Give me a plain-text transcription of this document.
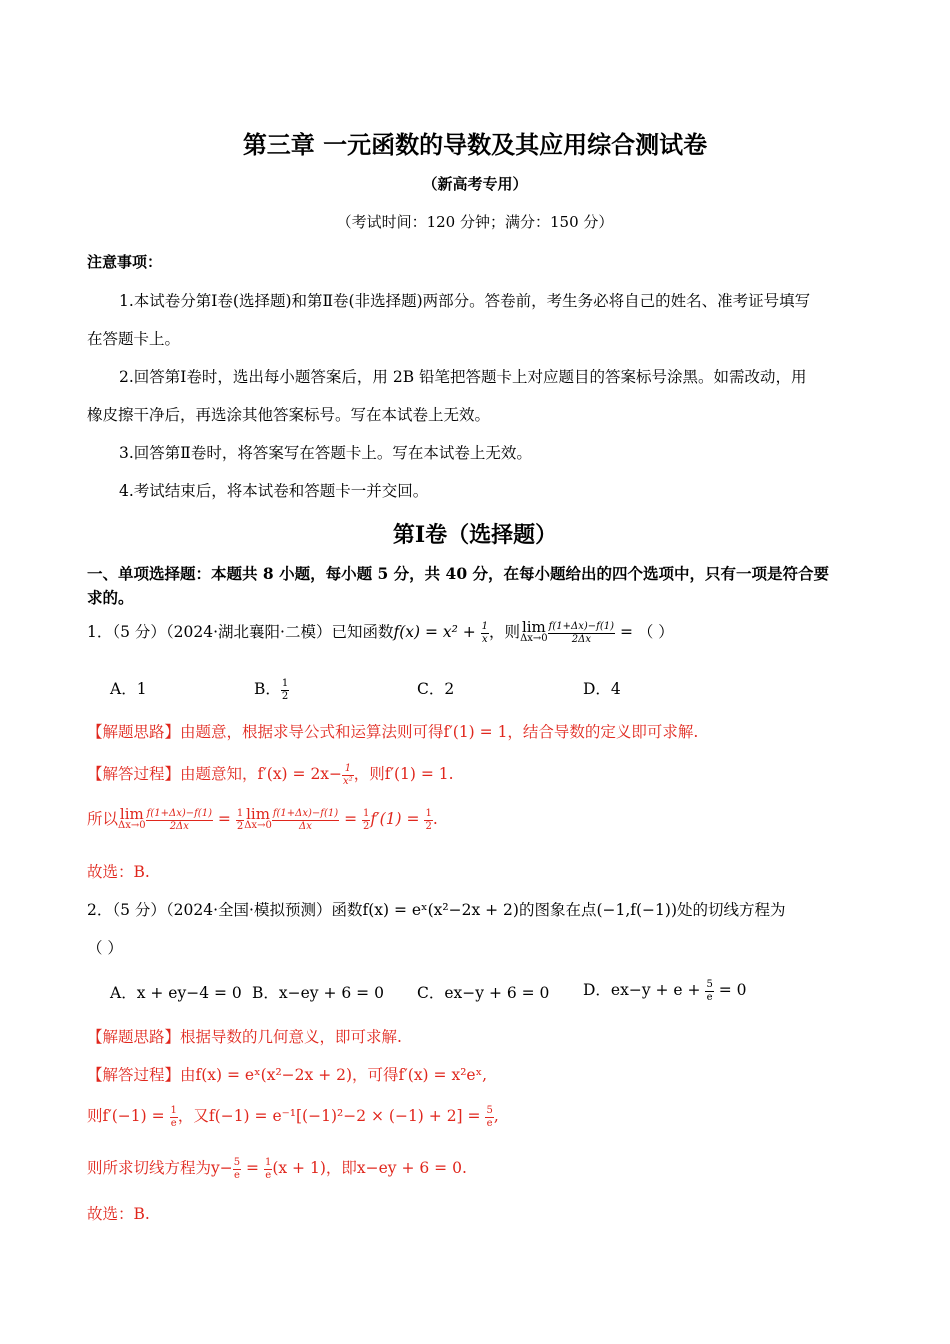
第三章 一元函数的导数及其应用综合测试卷
（新高考专用）
（考试时间：120 分钟；满分：150 分）
注意事项：
1.本试卷分第Ⅰ卷(选择题)和第Ⅱ卷(非选择题)两部分。答卷前，考生务必将自己的姓名、准考证号填写
在答题卡上。
2.回答第Ⅰ卷时，选出每小题答案后，用 2B 铅笔把答题卡上对应题目的答案标号涂黑。如需改动，用
橡皮擦干净后，再选涂其他答案标号。写在本试卷上无效。
3.回答第Ⅱ卷时，将答案写在答题卡上。写在本试卷上无效。
4.考试结束后，将本试卷和答题卡一并交回。
第Ⅰ卷（选择题）
一、单项选择题：本题共 8 小题，每小题 5 分，共 40 分，在每小题给出的四个选项中，只有一项是符合要
求的。
1．（5 分）（2024·湖北襄阳·二模）已知函数$f(x) = x^2 + \frac{1}{x}$ ，则 lim
$\Delta x\to 0 \frac{f(1+\Delta x)-f(1)}{2\Delta x}$ = （ ）
A．1	B． $\frac{1}{2}$	C．2	D．4
【解题思路】由题意，根据求导公式和运算法则可得f′(1) = 1，结合导数的定义即可求解.
【解答过程】由题意知，$f'(x) = 2x- \frac{1}{\text{x²}}$ ，则f′(1) = 1.
所以 lim
$\Delta x\to 0 \frac{f(1+\Delta x)-f(1)}{2\Delta x} = \frac{1}{2}$ lim
$\Delta x\to 0 \frac{f(1+\Delta x)-f(1)}{\Delta x} = \frac{1}{2} f'(1) = \frac{1}{2}$ .
故选：B.
2．（5 分）（2024·全国·模拟预测）函数f(x) = eˣ(x²−2x + 2)的图象在点(−1,f(−1))处的切线方程为
（ ）
A．x + ey−4 = 0 B．x−ey + 6 = 0 C．ex−y + 6 = 0 D．$ex-y + e + \frac{5}{e} = 0$
【解题思路】根据导数的几何意义，即可求解.
【解答过程】由f(x) = eˣ(x²−2x + 2)，可得f′(x) = x²eˣ,
则$f'(-1) = \frac{1}{e}$ ，又$f(-1) = e^{-1}[(-1)^2-2 \times (-1) + 2] = \frac{5}{e}$ ,
则所求切线方程为$y- \frac{5}{e} = \frac{1}{e} (x + 1)$，即x−ey + 6 = 0.
故选：B.
